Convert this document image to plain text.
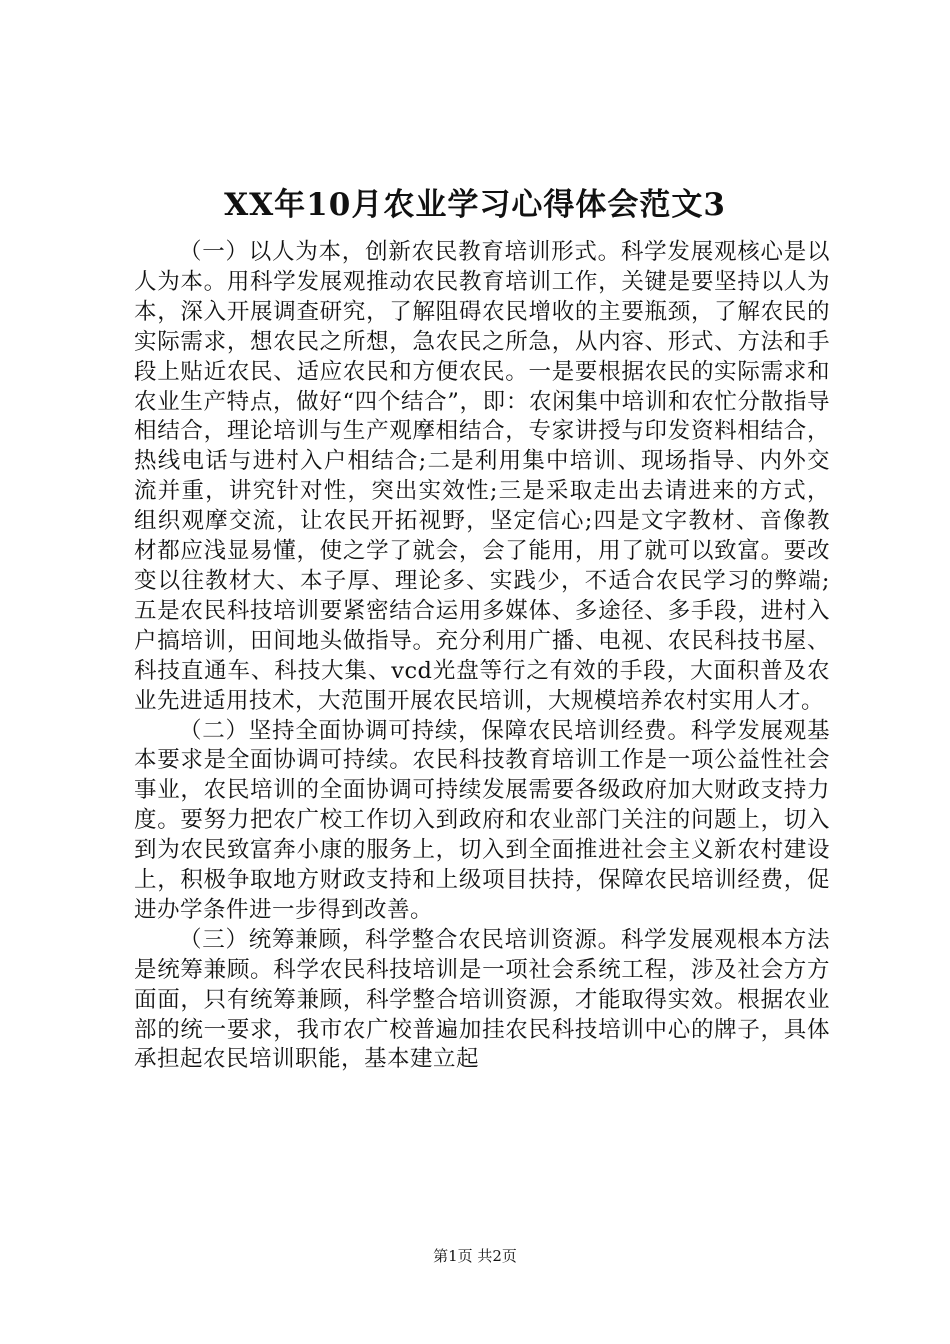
XX年10月农业学习心得体会范文3

（一）以人为本，创新农民教育培训形式。科学发展观核心是以人为本。用科学发展观推动农民教育培训工作，关键是要坚持以人为本，深入开展调查研究，了解阻碍农民增收的主要瓶颈，了解农民的实际需求，想农民之所想，急农民之所急，从内容、形式、方法和手段上贴近农民、适应农民和方便农民。一是要根据农民的实际需求和农业生产特点，做好“四个结合”，即：农闲集中培训和农忙分散指导相结合，理论培训与生产观摩相结合，专家讲授与印发资料相结合，热线电话与进村入户相结合;二是利用集中培训、现场指导、内外交流并重，讲究针对性，突出实效性;三是采取走出去请进来的方式，组织观摩交流，让农民开拓视野，坚定信心;四是文字教材、音像教材都应浅显易懂，使之学了就会，会了能用，用了就可以致富。要改变以往教材大、本子厚、理论多、实践少，不适合农民学习的弊端;五是农民科技培训要紧密结合运用多媒体、多途径、多手段，进村入户搞培训，田间地头做指导。充分利用广播、电视、农民科技书屋、科技直通车、科技大集、vcd光盘等行之有效的手段，大面积普及农业先进适用技术，大范围开展农民培训，大规模培养农村实用人才。

（二）坚持全面协调可持续，保障农民培训经费。科学发展观基本要求是全面协调可持续。农民科技教育培训工作是一项公益性社会事业，农民培训的全面协调可持续发展需要各级政府加大财政支持力度。要努力把农广校工作切入到政府和农业部门关注的问题上，切入到为农民致富奔小康的服务上，切入到全面推进社会主义新农村建设上，积极争取地方财政支持和上级项目扶持，保障农民培训经费，促进办学条件进一步得到改善。

（三）统筹兼顾，科学整合农民培训资源。科学发展观根本方法是统筹兼顾。科学农民科技培训是一项社会系统工程，涉及社会方方面面，只有统筹兼顾，科学整合培训资源，才能取得实效。根据农业部的统一要求，我市农广校普遍加挂农民科技培训中心的牌子，具体承担起农民培训职能，基本建立起

第1页 共2页
